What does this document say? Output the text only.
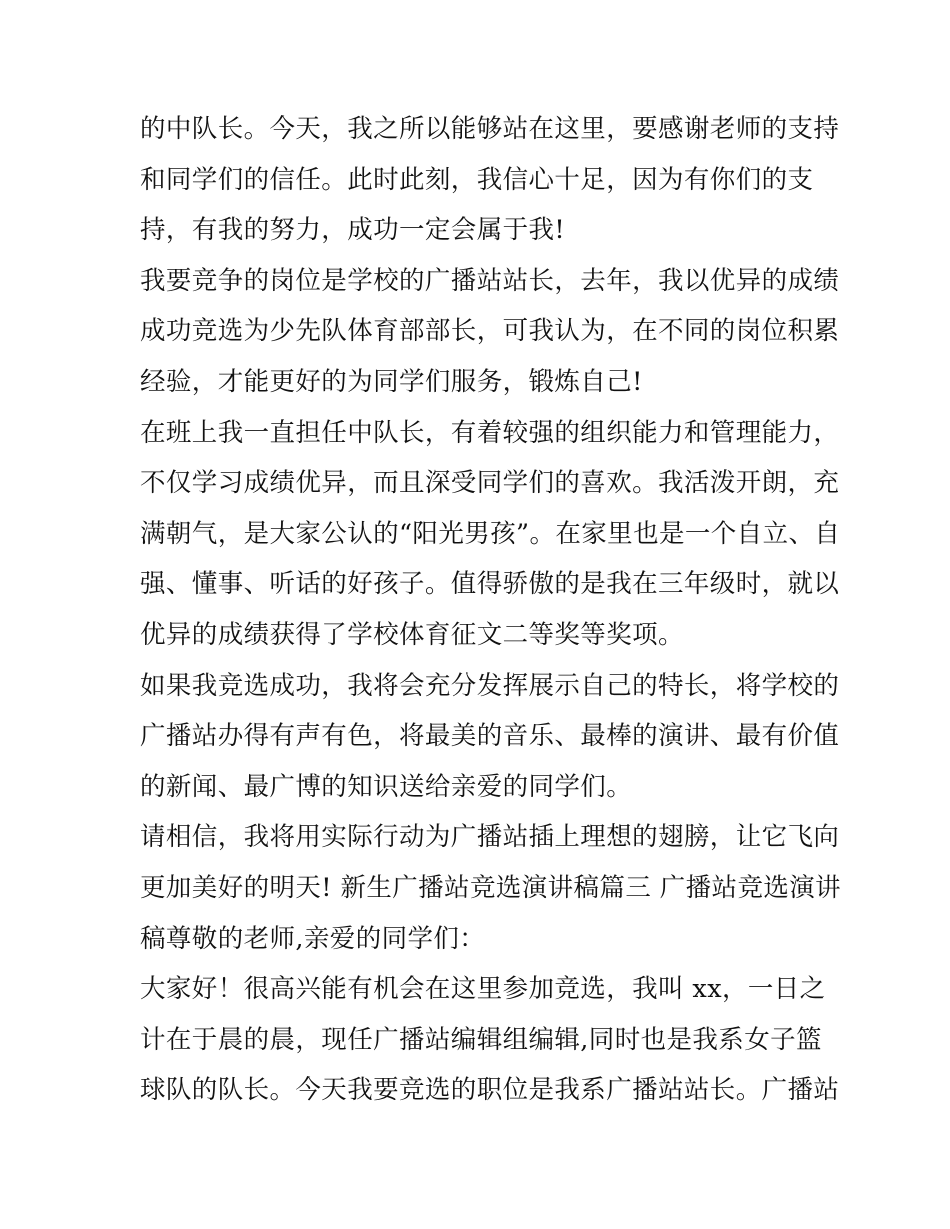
的中队长。今天，我之所以能够站在这里，要感谢老师的支持

和同学们的信任。此时此刻，我信心十足，因为有你们的支

持，有我的努力，成功一定会属于我!

我要竞争的岗位是学校的广播站站长，去年，我以优异的成绩

成功竞选为少先队体育部部长，可我认为，在不同的岗位积累

经验，才能更好的为同学们服务，锻炼自己!

在班上我一直担任中队长，有着较强的组织能力和管理能力，

不仅学习成绩优异，而且深受同学们的喜欢。我活泼开朗，充

满朝气，是大家公认的“阳光男孩”。在家里也是一个自立、自

强、懂事、听话的好孩子。值得骄傲的是我在三年级时，就以

优异的成绩获得了学校体育征文二等奖等奖项。

如果我竞选成功，我将会充分发挥展示自己的特长，将学校的

广播站办得有声有色，将最美的音乐、最棒的演讲、最有价值

的新闻、最广博的知识送给亲爱的同学们。

请相信，我将用实际行动为广播站插上理想的翅膀，让它飞向

更加美好的明天! 新生广播站竞选演讲稿篇三 广播站竞选演讲

稿尊敬的老师,亲爱的同学们：

大家好！很高兴能有机会在这里参加竞选，我叫 xx，一日之

计在于晨的晨，现任广播站编辑组编辑,同时也是我系女子篮

球队的队长。今天我要竞选的职位是我系广播站站长。广播站
